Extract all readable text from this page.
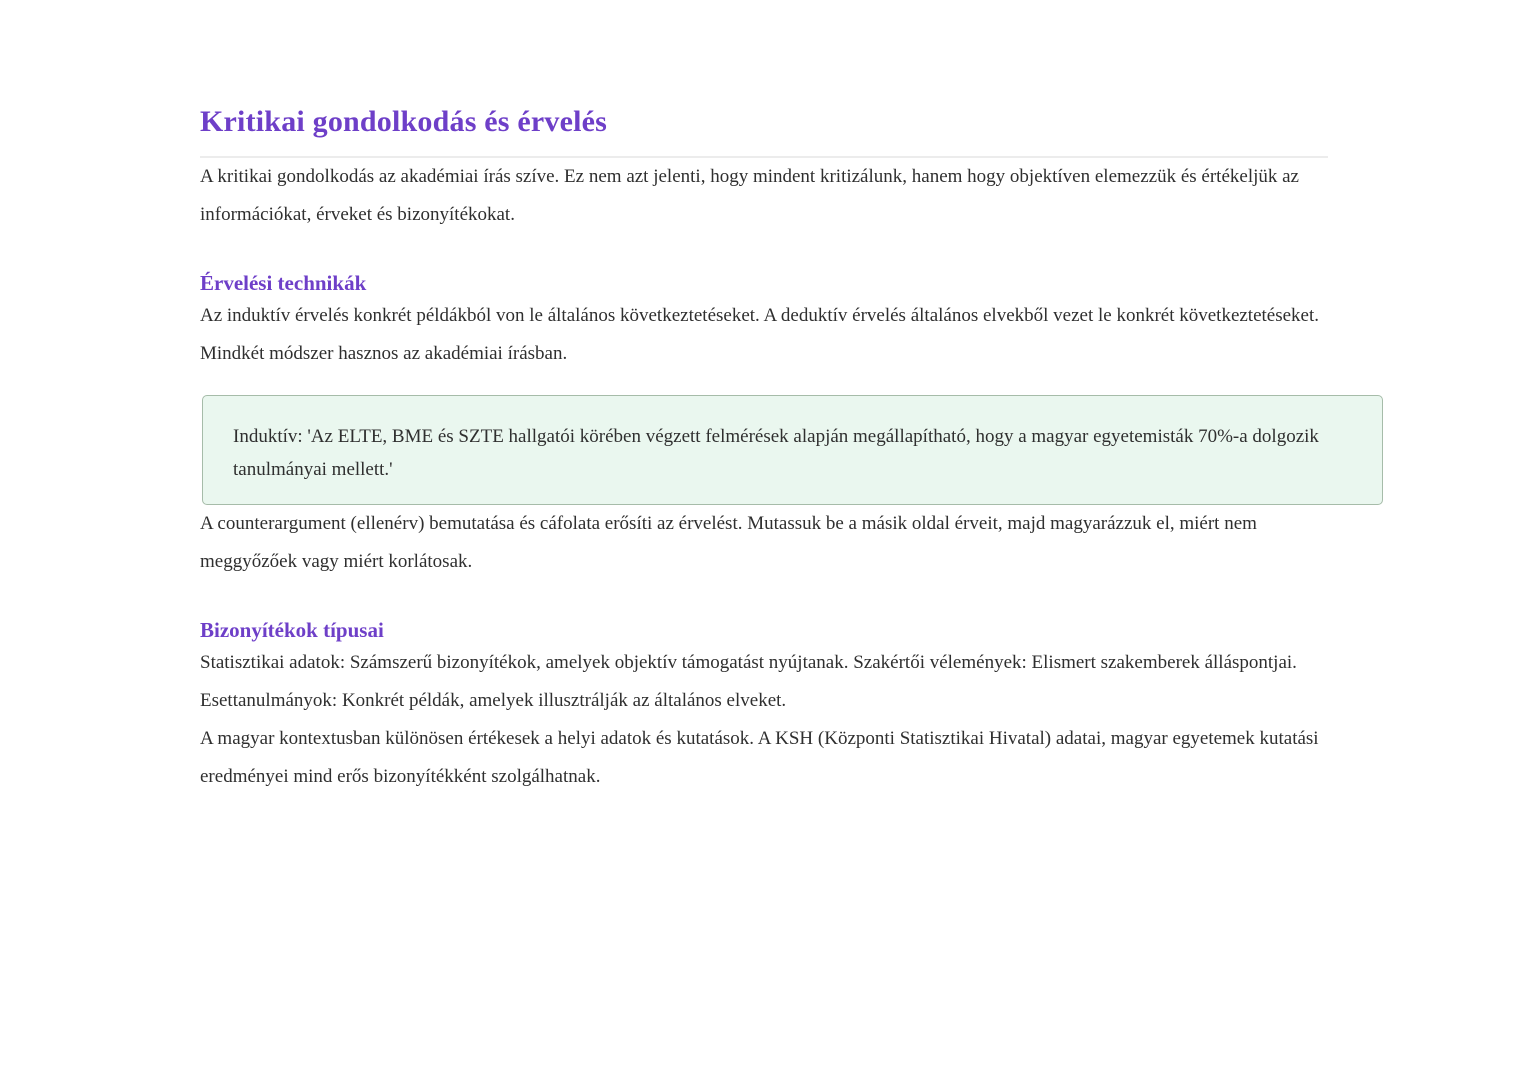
Kritikai gondolkodás és érvelés

A kritikai gondolkodás az akadémiai írás szíve. Ez nem azt jelenti, hogy mindent kritizálunk, hanem hogy objektíven elemezzük és értékeljük az információkat, érveket és bizonyítékokat.

Érvelési technikák

Az induktív érvelés konkrét példákból von le általános következtetéseket. A deduktív érvelés általános elvekből vezet le konkrét következtetéseket. Mindkét módszer hasznos az akadémiai írásban.

Induktív: 'Az ELTE, BME és SZTE hallgatói körében végzett felmérések alapján megállapítható, hogy a magyar egyetemisták 70%-a dolgozik tanulmányai mellett.'

A counterargument (ellenérv) bemutatása és cáfolata erősíti az érvelést. Mutassuk be a másik oldal érveit, majd magyarázzuk el, miért nem meggyőzőek vagy miért korlátosak.

Bizonyítékok típusai

Statisztikai adatok: Számszerű bizonyítékok, amelyek objektív támogatást nyújtanak. Szakértői vélemények: Elismert szakemberek álláspontjai. Esettanulmányok: Konkrét példák, amelyek illusztrálják az általános elveket.

A magyar kontextusban különösen értékesek a helyi adatok és kutatások. A KSH (Központi Statisztikai Hivatal) adatai, magyar egyetemek kutatási eredményei mind erős bizonyítékként szolgálhatnak.
